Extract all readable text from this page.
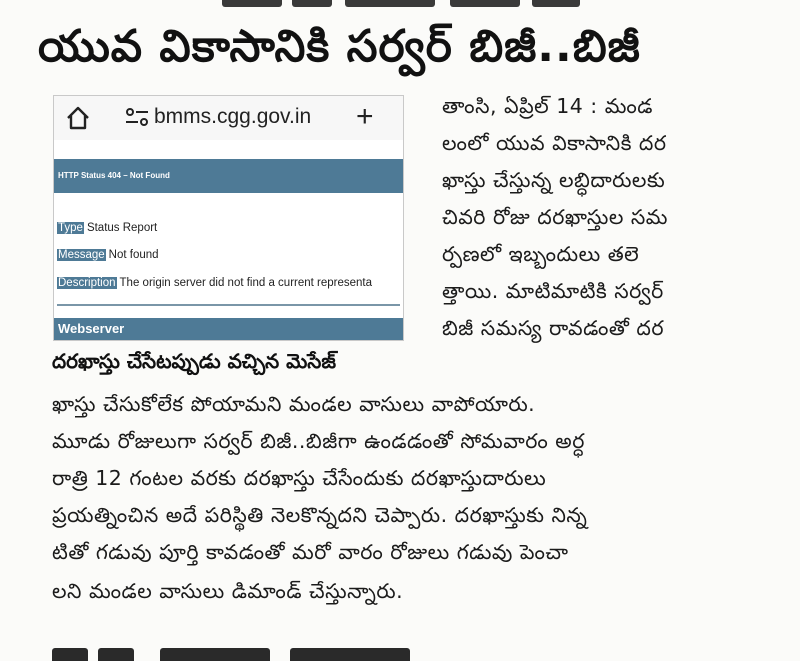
యువ వికాసానికి సర్వర్ బిజీ..బిజీ
bmms.cgg.gov.in +
HTTP Status 404 – Not Found
Type Status Report
Message Not found
Description The origin server did not find a current representa
Webserver

దరఖాస్తు చేసేటప్పుడు వచ్చిన మెసేజ్

తాంసి, ఏప్రిల్ 14 : మండ

లంలో యువ వికాసానికి దర

ఖాస్తు చేస్తున్న లబ్ధిదారులకు

చివరి రోజు దరఖాస్తుల సమ

ర్పణలో ఇబ్బందులు తలె

త్తాయి. మాటిమాటికి సర్వర్

బిజీ సమస్య రావడంతో దర

ఖాస్తు చేసుకోలేక పోయామని మండల వాసులు వాపోయారు.

మూడు రోజులుగా సర్వర్ బిజీ..బిజీగా ఉండడంతో సోమవారం అర్ధ

రాత్రి 12 గంటల వరకు దరఖాస్తు చేసేందుకు దరఖాస్తుదారులు

ప్రయత్నించిన అదే పరిస్థితి నెలకొన్నదని చెప్పారు. దరఖాస్తుకు నిన్న

టితో గడువు పూర్తి కావడంతో మరో వారం రోజులు గడువు పెంచా

లని మండల వాసులు డిమాండ్ చేస్తున్నారు.
